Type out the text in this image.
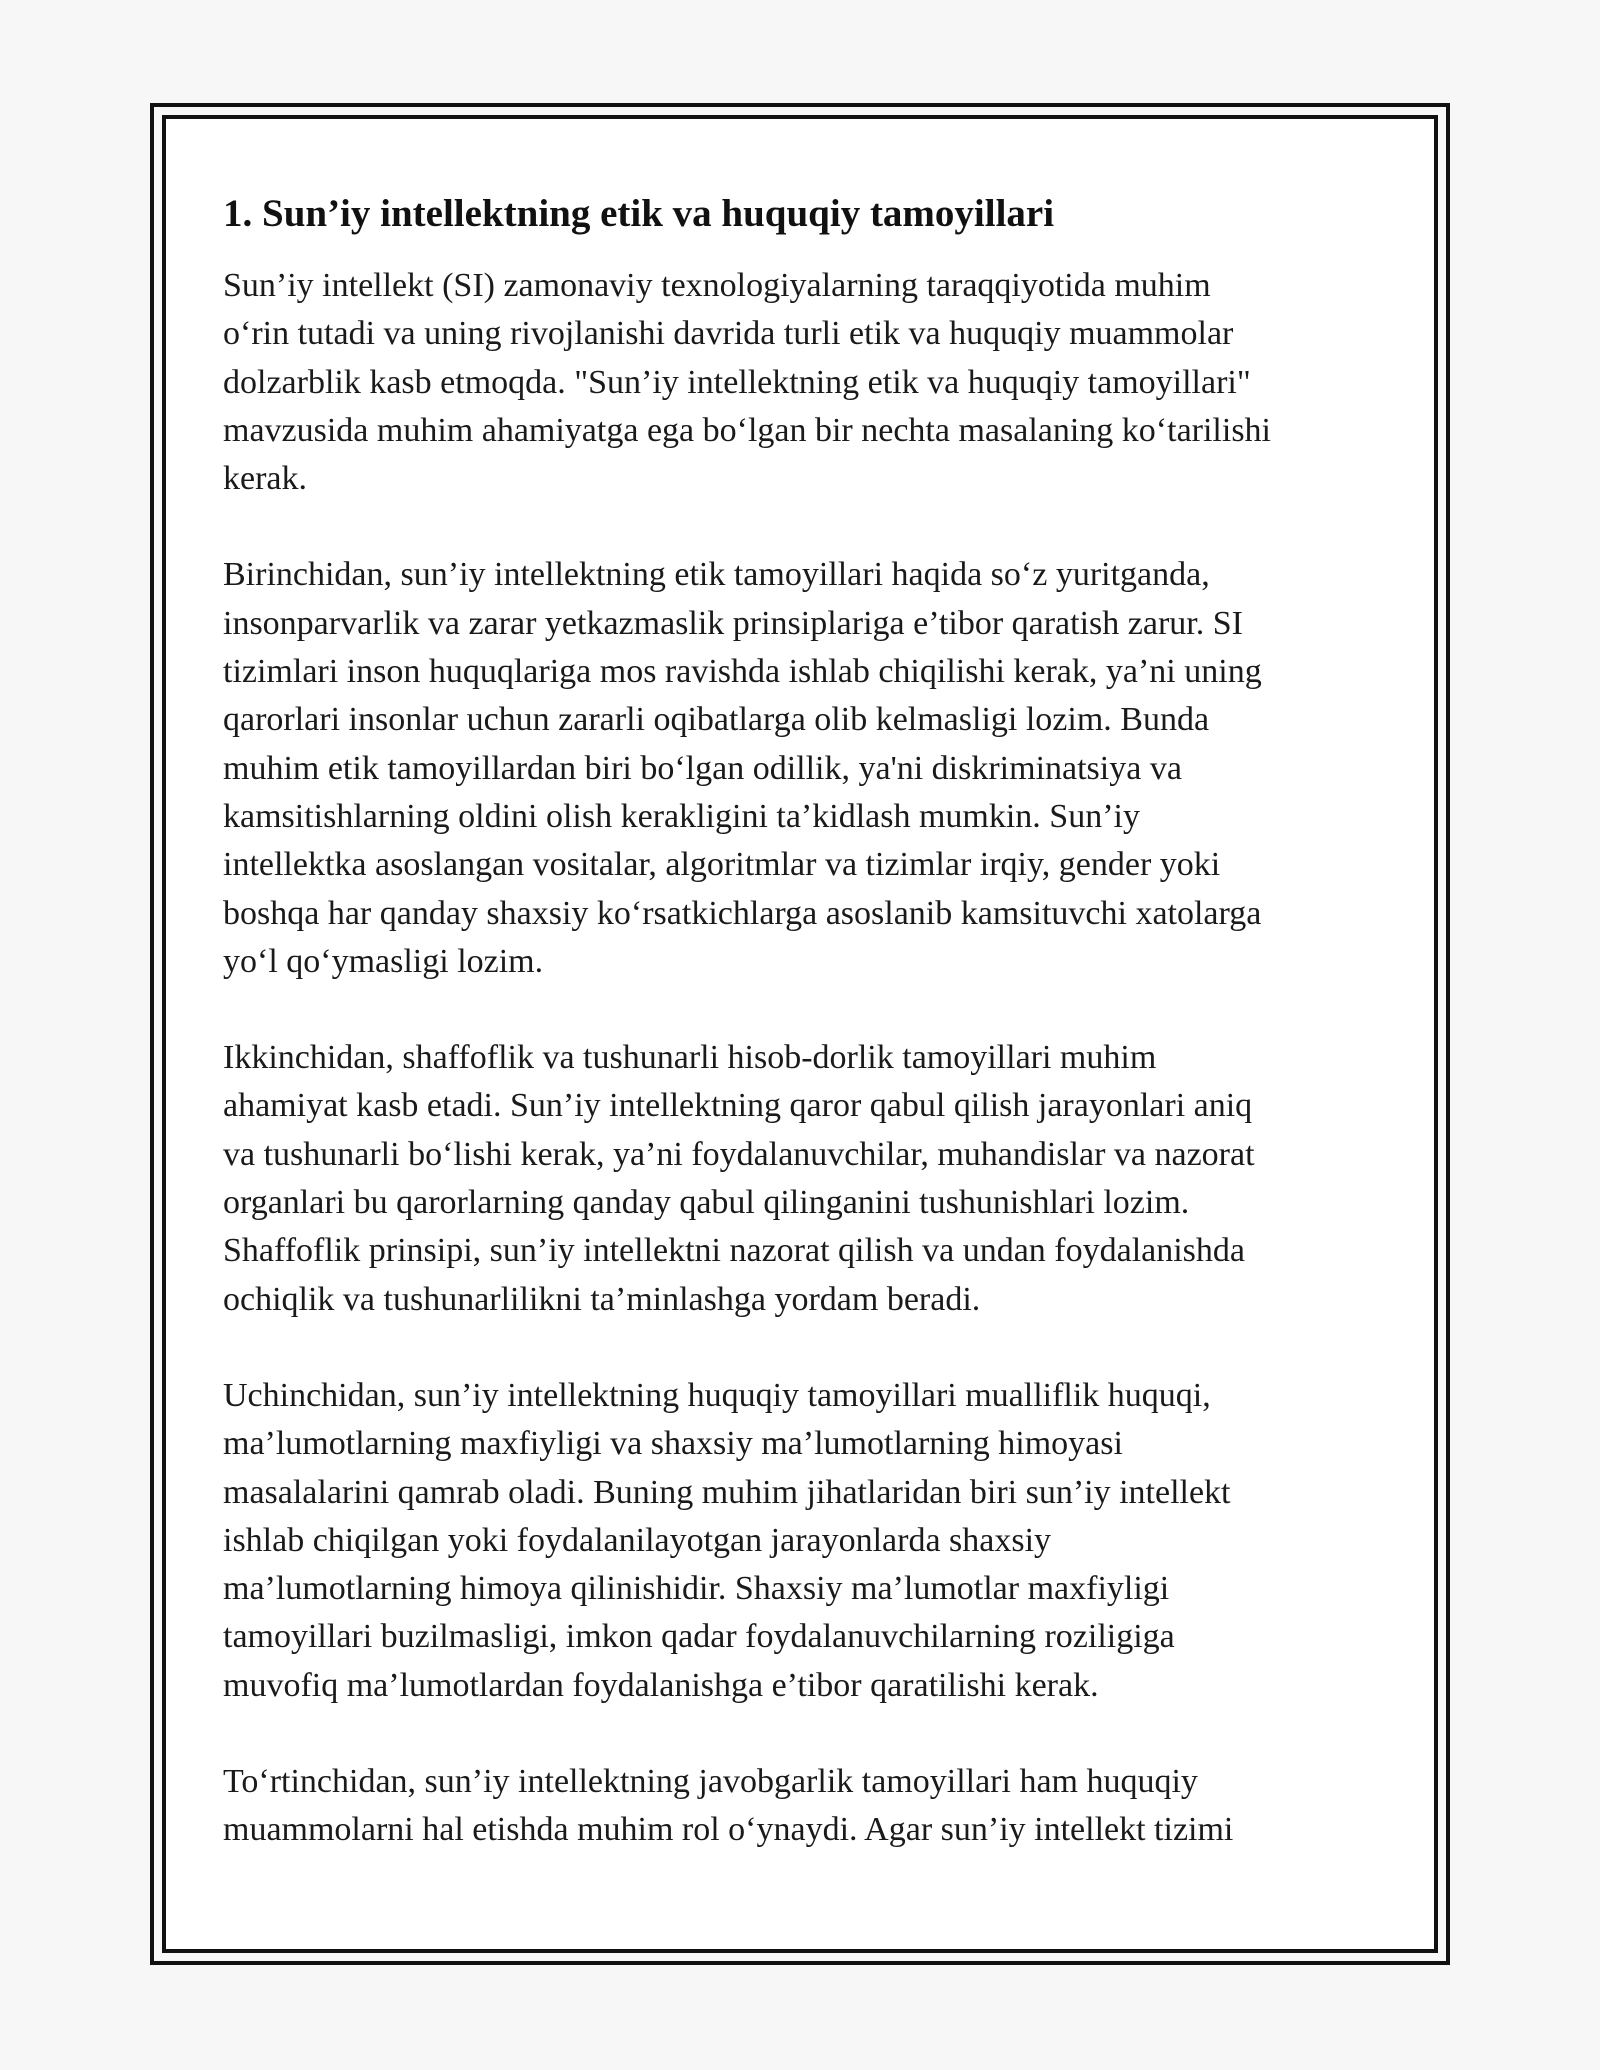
1. Sun’iy intellektning etik va huquqiy tamoyillari

Sun’iy intellekt (SI) zamonaviy texnologiyalarning taraqqiyotida muhim
o‘rin tutadi va uning rivojlanishi davrida turli etik va huquqiy muammolar
dolzarblik kasb etmoqda. "Sun’iy intellektning etik va huquqiy tamoyillari"
mavzusida muhim ahamiyatga ega bo‘lgan bir nechta masalaning ko‘tarilishi
kerak.

Birinchidan, sun’iy intellektning etik tamoyillari haqida so‘z yuritganda,
insonparvarlik va zarar yetkazmaslik prinsiplariga e’tibor qaratish zarur. SI
tizimlari inson huquqlariga mos ravishda ishlab chiqilishi kerak, ya’ni uning
qarorlari insonlar uchun zararli oqibatlarga olib kelmasligi lozim. Bunda
muhim etik tamoyillardan biri bo‘lgan odillik, ya'ni diskriminatsiya va
kamsitishlarning oldini olish kerakligini ta’kidlash mumkin. Sun’iy
intellektka asoslangan vositalar, algoritmlar va tizimlar irqiy, gender yoki
boshqa har qanday shaxsiy ko‘rsatkichlarga asoslanib kamsituvchi xatolarga
yo‘l qo‘ymasligi lozim.

Ikkinchidan, shaffoflik va tushunarli hisob-dorlik tamoyillari muhim
ahamiyat kasb etadi. Sun’iy intellektning qaror qabul qilish jarayonlari aniq
va tushunarli bo‘lishi kerak, ya’ni foydalanuvchilar, muhandislar va nazorat
organlari bu qarorlarning qanday qabul qilinganini tushunishlari lozim.
Shaffoflik prinsipi, sun’iy intellektni nazorat qilish va undan foydalanishda
ochiqlik va tushunarlilikni ta’minlashga yordam beradi.

Uchinchidan, sun’iy intellektning huquqiy tamoyillari mualliflik huquqi,
ma’lumotlarning maxfiyligi va shaxsiy ma’lumotlarning himoyasi
masalalarini qamrab oladi. Buning muhim jihatlaridan biri sun’iy intellekt
ishlab chiqilgan yoki foydalanilayotgan jarayonlarda shaxsiy
ma’lumotlarning himoya qilinishidir. Shaxsiy ma’lumotlar maxfiyligi
tamoyillari buzilmasligi, imkon qadar foydalanuvchilarning roziligiga
muvofiq ma’lumotlardan foydalanishga e’tibor qaratilishi kerak.

To‘rtinchidan, sun’iy intellektning javobgarlik tamoyillari ham huquqiy
muammolarni hal etishda muhim rol o‘ynaydi. Agar sun’iy intellekt tizimi
